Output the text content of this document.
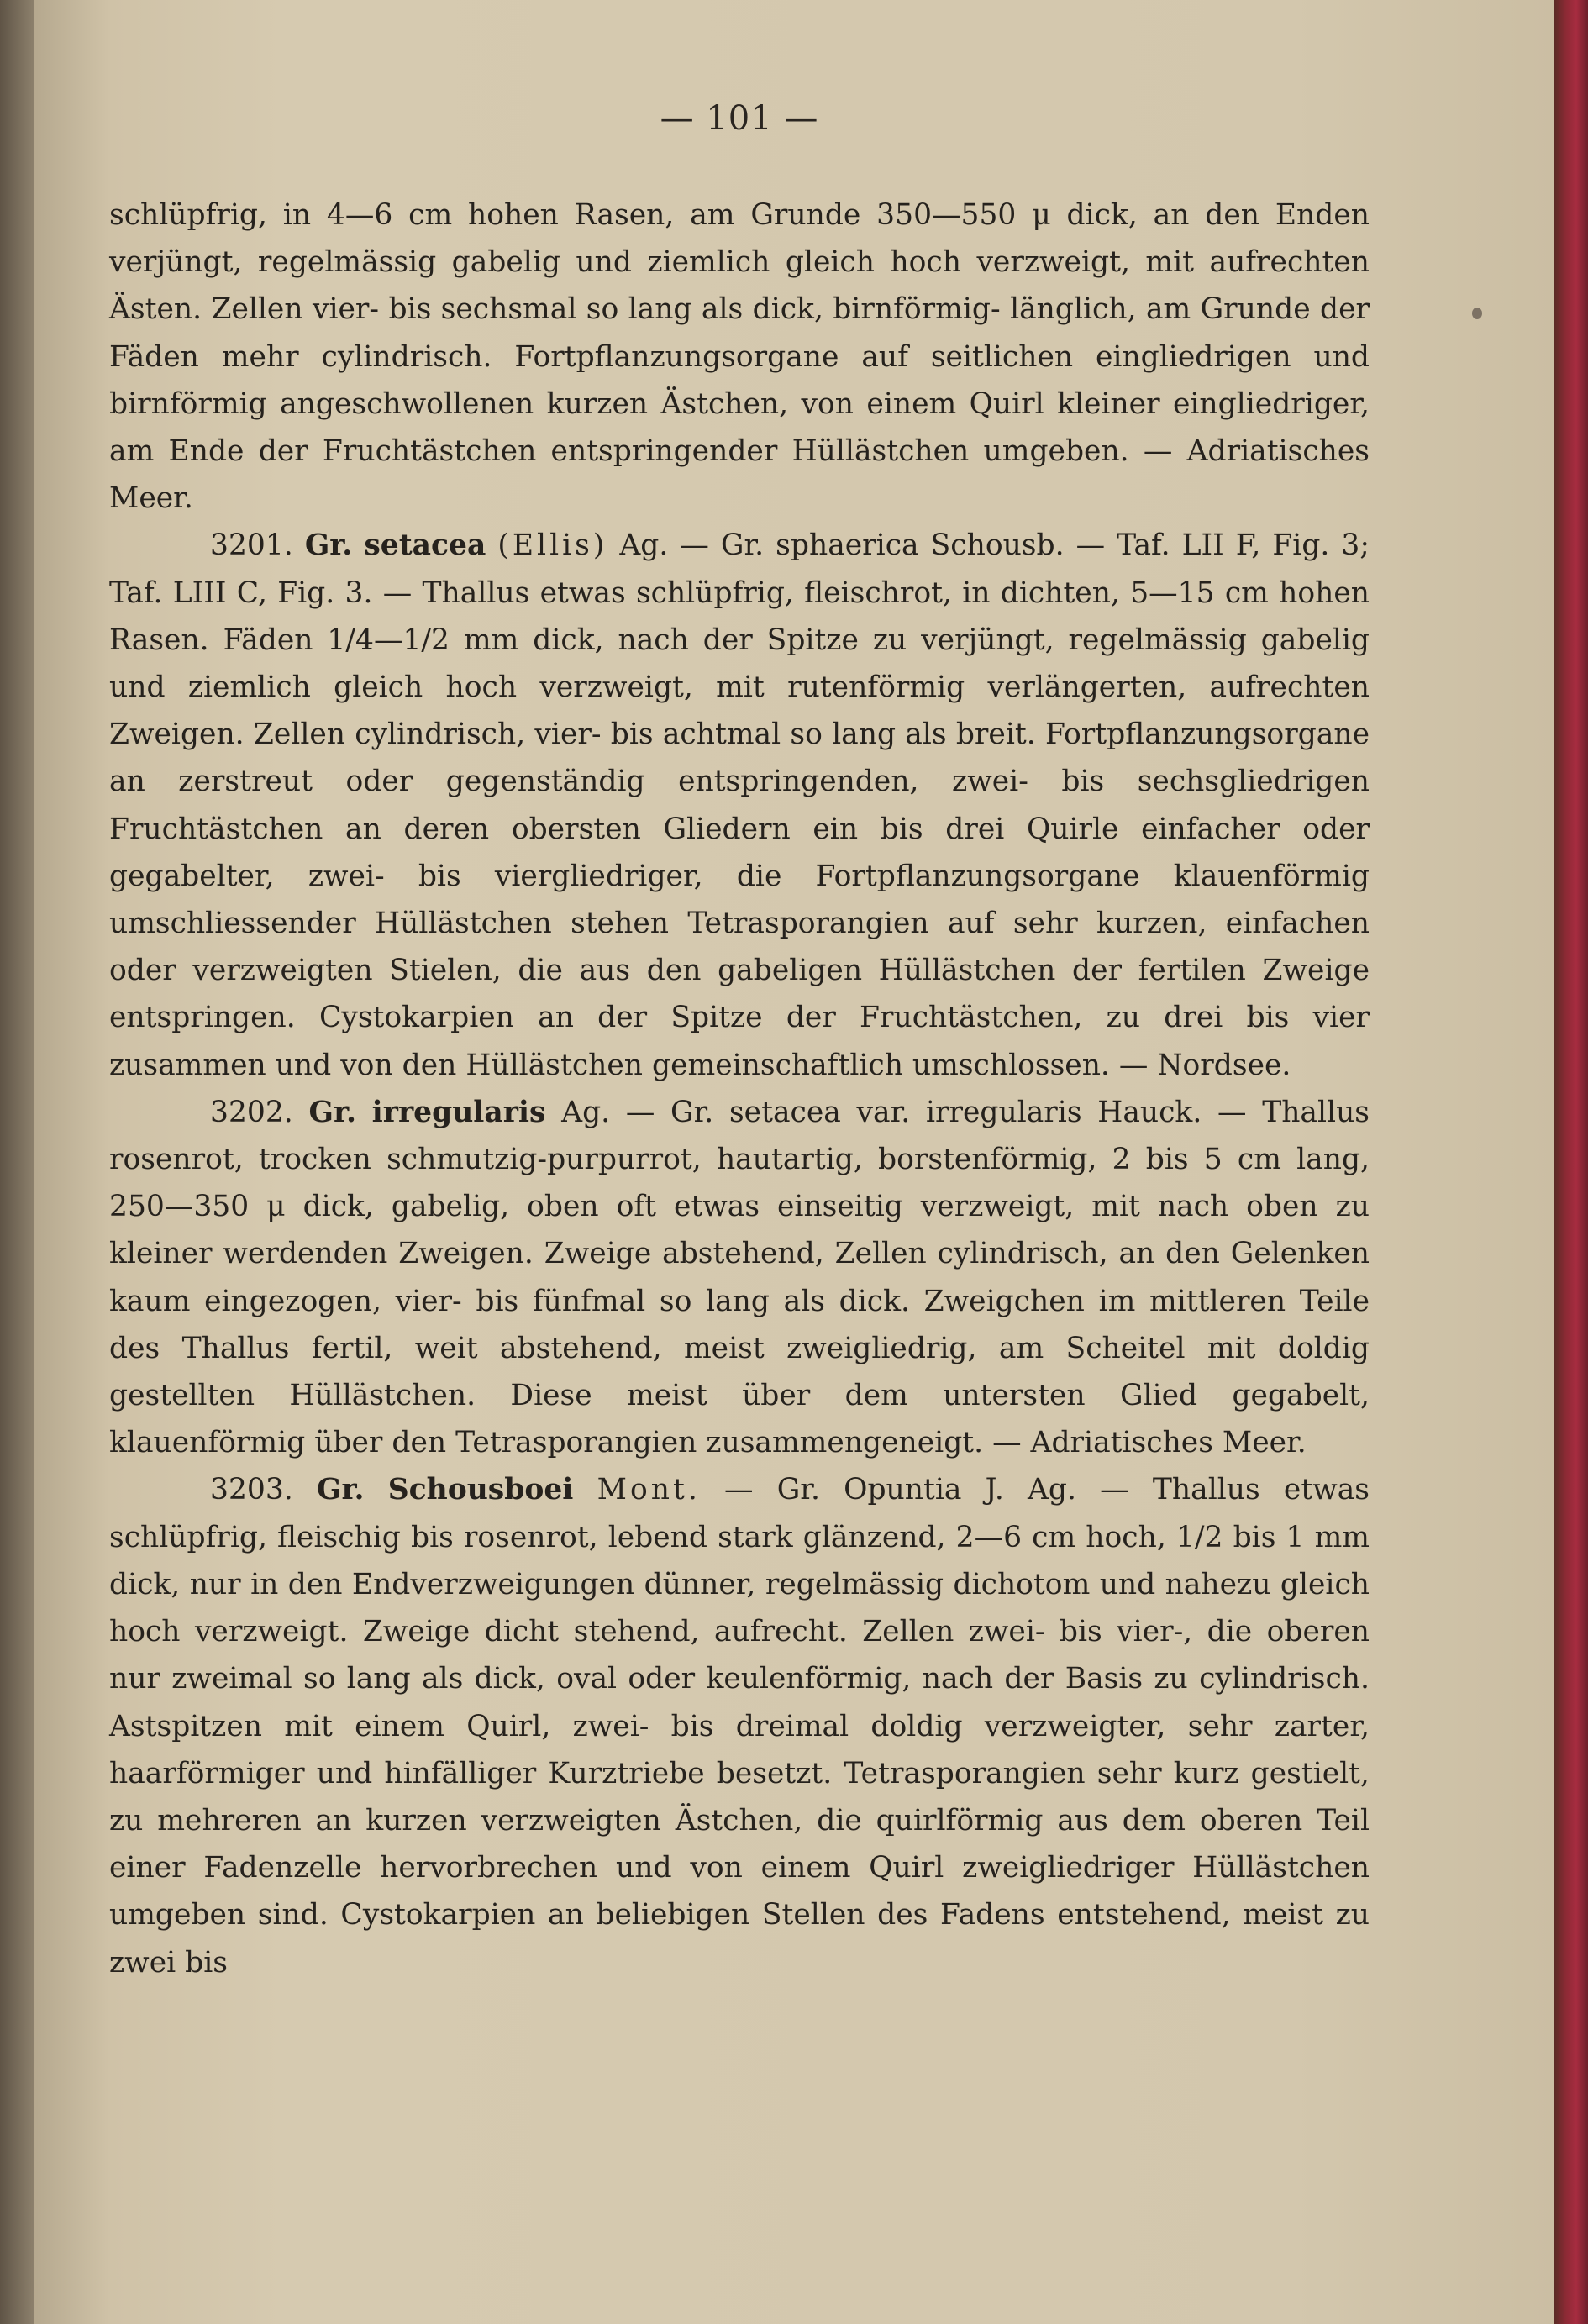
— 101 —

schlüpfrig, in 4—6 cm hohen Rasen, am Grunde 350—550 μ dick, an den Enden verjüngt, regelmässig gabelig und ziemlich gleich hoch verzweigt, mit aufrechten Ästen. Zellen vier- bis sechsmal so lang als dick, birnförmig- länglich, am Grunde der Fäden mehr cylindrisch. Fortpflanzungsorgane auf seitlichen eingliedrigen und birnförmig angeschwollenen kurzen Ästchen, von einem Quirl kleiner eingliedriger, am Ende der Fruchtästchen entspringender Hüllästchen umgeben. — Adriatisches Meer.

3201. Gr. setacea (Ellis) Ag. — Gr. sphaerica Schousb. — Taf. LII F, Fig. 3; Taf. LIII C, Fig. 3. — Thallus etwas schlüpfrig, fleischrot, in dichten, 5—15 cm hohen Rasen. Fäden 1/4—1/2 mm dick, nach der Spitze zu verjüngt, regelmässig gabelig und ziemlich gleich hoch verzweigt, mit rutenförmig verlängerten, aufrechten Zweigen. Zellen cylindrisch, vier- bis achtmal so lang als breit. Fortpflanzungsorgane an zerstreut oder gegenständig entspringenden, zwei- bis sechsgliedrigen Fruchtästchen an deren obersten Gliedern ein bis drei Quirle einfacher oder gegabelter, zwei- bis viergliedriger, die Fortpflanzungsorgane klauenförmig umschliessender Hüllästchen stehen Tetrasporangien auf sehr kurzen, einfachen oder verzweigten Stielen, die aus den gabeligen Hüllästchen der fertilen Zweige entspringen. Cystokarpien an der Spitze der Fruchtästchen, zu drei bis vier zusammen und von den Hüllästchen gemeinschaftlich umschlossen. — Nordsee.

3202. Gr. irregularis Ag. — Gr. setacea var. irregularis Hauck. — Thallus rosenrot, trocken schmutzig-purpurrot, hautartig, borstenförmig, 2 bis 5 cm lang, 250—350 μ dick, gabelig, oben oft etwas einseitig verzweigt, mit nach oben zu kleiner werdenden Zweigen. Zweige abstehend, Zellen cylindrisch, an den Gelenken kaum eingezogen, vier- bis fünfmal so lang als dick. Zweigchen im mittleren Teile des Thallus fertil, weit abstehend, meist zweigliedrig, am Scheitel mit doldig gestellten Hüllästchen. Diese meist über dem untersten Glied gegabelt, klauenförmig über den Tetrasporangien zusammengeneigt. — Adriatisches Meer.

3203. Gr. Schousboei Mont. — Gr. Opuntia J. Ag. — Thallus etwas schlüpfrig, fleischig bis rosenrot, lebend stark glänzend, 2—6 cm hoch, 1/2 bis 1 mm dick, nur in den Endverzweigungen dünner, regelmässig dichotom und nahezu gleich hoch verzweigt. Zweige dicht stehend, aufrecht. Zellen zwei- bis vier-, die oberen nur zweimal so lang als dick, oval oder keulenförmig, nach der Basis zu cylindrisch. Astspitzen mit einem Quirl, zwei- bis dreimal doldig verzweigter, sehr zarter, haarförmiger und hinfälliger Kurztriebe besetzt. Tetrasporangien sehr kurz gestielt, zu mehreren an kurzen verzweigten Ästchen, die quirlförmig aus dem oberen Teil einer Fadenzelle hervorbrechen und von einem Quirl zweigliedriger Hüllästchen umgeben sind. Cystokarpien an beliebigen Stellen des Fadens entstehend, meist zu zwei bis
